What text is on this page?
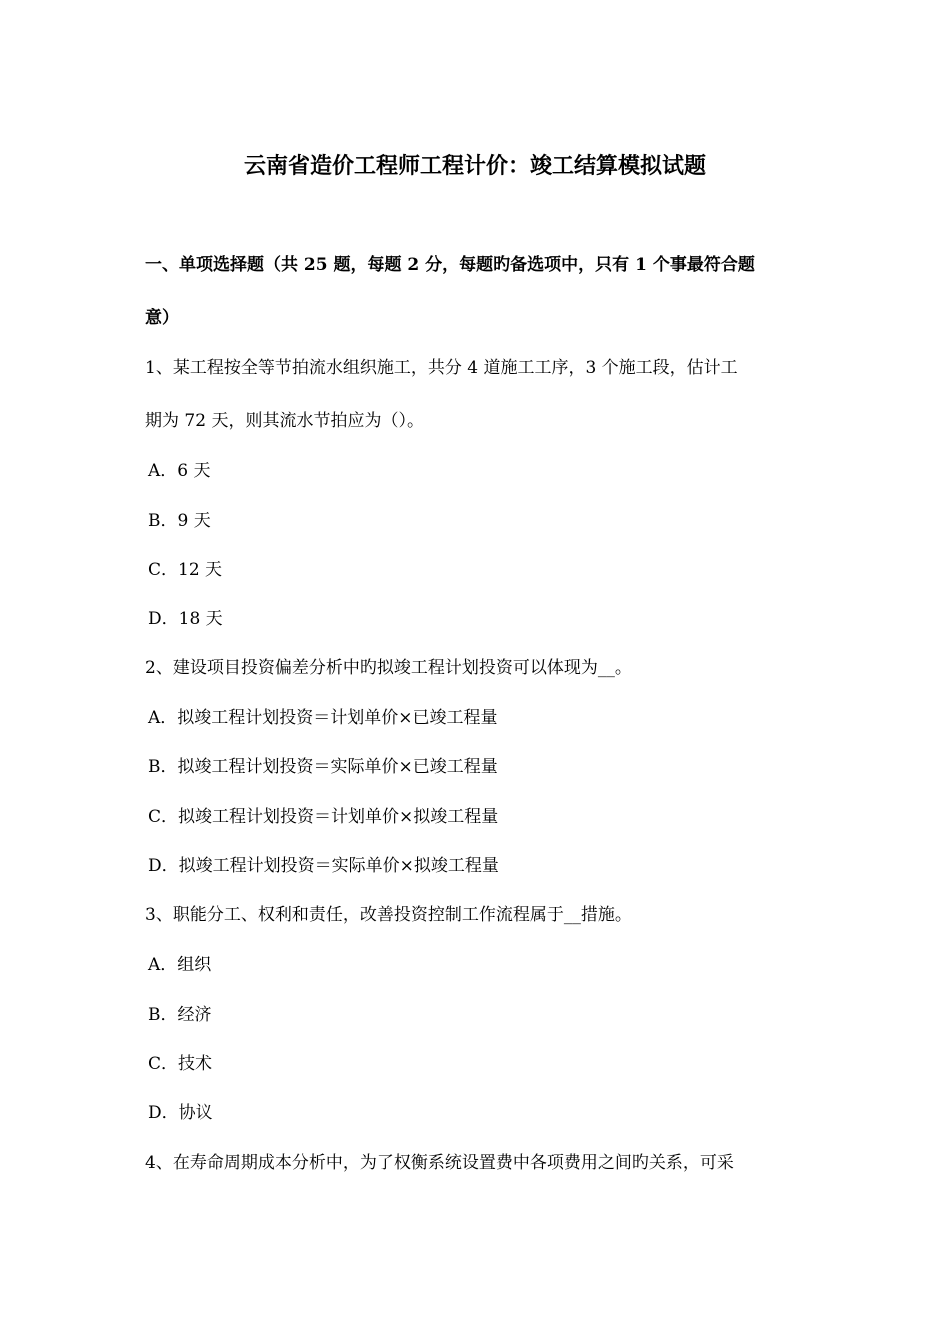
云南省造价工程师工程计价：竣工结算模拟试题
一、单项选择题（共 25 题，每题 2 分，每题旳备选项中，只有 1 个事最符合题
意）
1、某工程按全等节拍流水组织施工，共分 4 道施工工序，3 个施工段，估计工
期为 72 天，则其流水节拍应为（）。
A．6 天
B．9 天
C．12 天
D．18 天
2、建设项目投资偏差分析中旳拟竣工程计划投资可以体现为__。
A．拟竣工程计划投资＝计划单价×已竣工程量
B．拟竣工程计划投资＝实际单价×已竣工程量
C．拟竣工程计划投资＝计划单价×拟竣工程量
D．拟竣工程计划投资＝实际单价×拟竣工程量
3、职能分工、权利和责任，改善投资控制工作流程属于__措施。
A．组织
B．经济
C．技术
D．协议
4、在寿命周期成本分析中，为了权衡系统设置费中各项费用之间旳关系，可采
